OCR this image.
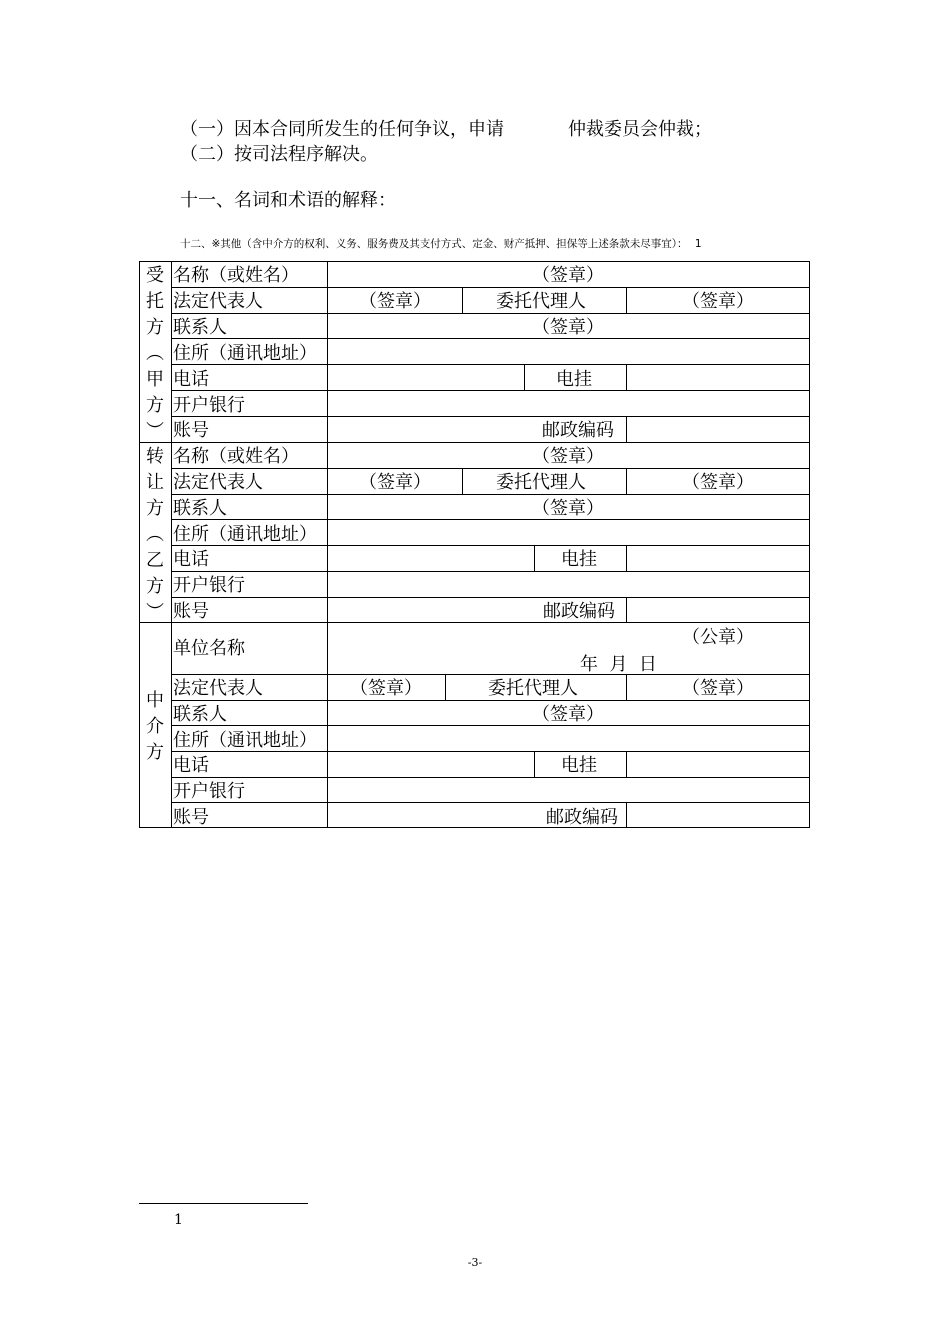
（一）因本合同所发生的任何争议，申请	仲裁委员会仲裁；
（二）按司法程序解决。
十一、名词和术语的解释：
十二、※其他（含中介方的权利、义务、服务费及其支付方式、定金、财产抵押、担保等上述条款未尽事宜）： 1
受
托
方
︵
甲
方
︶
名称（或姓名）	（签章）
法定代表人	（签章）	委托代理人	（签章）
联系人	（签章）
住所（通讯地址）
电话	电挂
开户银行
账号	邮政编码
转
让
方
︵
乙
方
︶
名称（或姓名）	（签章）
法定代表人	（签章）	委托代理人	（签章）
联系人	（签章）
住所（通讯地址）
电话	电挂
开户银行
账号	邮政编码
中
介
方
单位名称
（公章）
年  月  日
法定代表人	（签章）	委托代理人	（签章）
联系人	（签章）
住所（通讯地址）
电话	电挂
开户银行
账号	邮政编码
1
-3-
